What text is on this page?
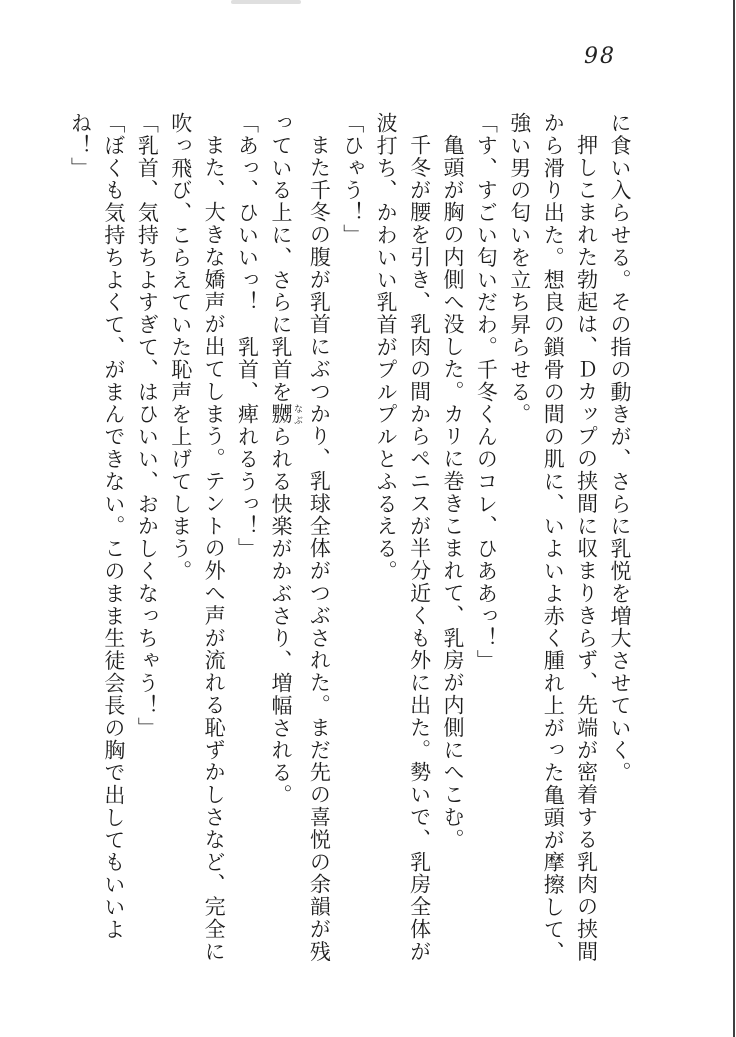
98

に食い入らせる。その指の動きが、さらに乳悦を増大させていく。

押しこまれた勃起は、Ｄカップの挟間に収まりきらず、先端が密着する乳肉の挟間

から滑り出た。想良の鎖骨の間の肌に、いよいよ赤く腫れ上がった亀頭が摩擦して、

強い男の匂いを立ち昇らせる。

「す、すごい匂いだわ。千冬くんのコレ、ひああっ！」

亀頭が胸の内側へ没した。カリに巻きこまれて、乳房が内側にへこむ。

千冬が腰を引き、乳肉の間からペニスが半分近くも外に出た。勢いで、乳房全体が

波打ち、かわいい乳首がプルプルとふるえる。

「ひゃう！」

また千冬の腹が乳首にぶつかり、乳球全体がつぶされた。まだ先の喜悦の余韻が残

っている上に、さらに乳首を嬲 なぶられる快楽がかぶさり、増幅される。

「あっ、ひいいっ！　乳首、痺れるうっ！」

また、大きな嬌声が出てしまう。テントの外へ声が流れる恥ずかしさなど、完全に

吹っ飛び、こらえていた恥声を上げてしまう。

「乳首、気持ちよすぎて、はひいい、おかしくなっちゃう！」

「ぼくも気持ちよくて、がまんできない。このまま生徒会長の胸で出してもいいよ

ね！」
